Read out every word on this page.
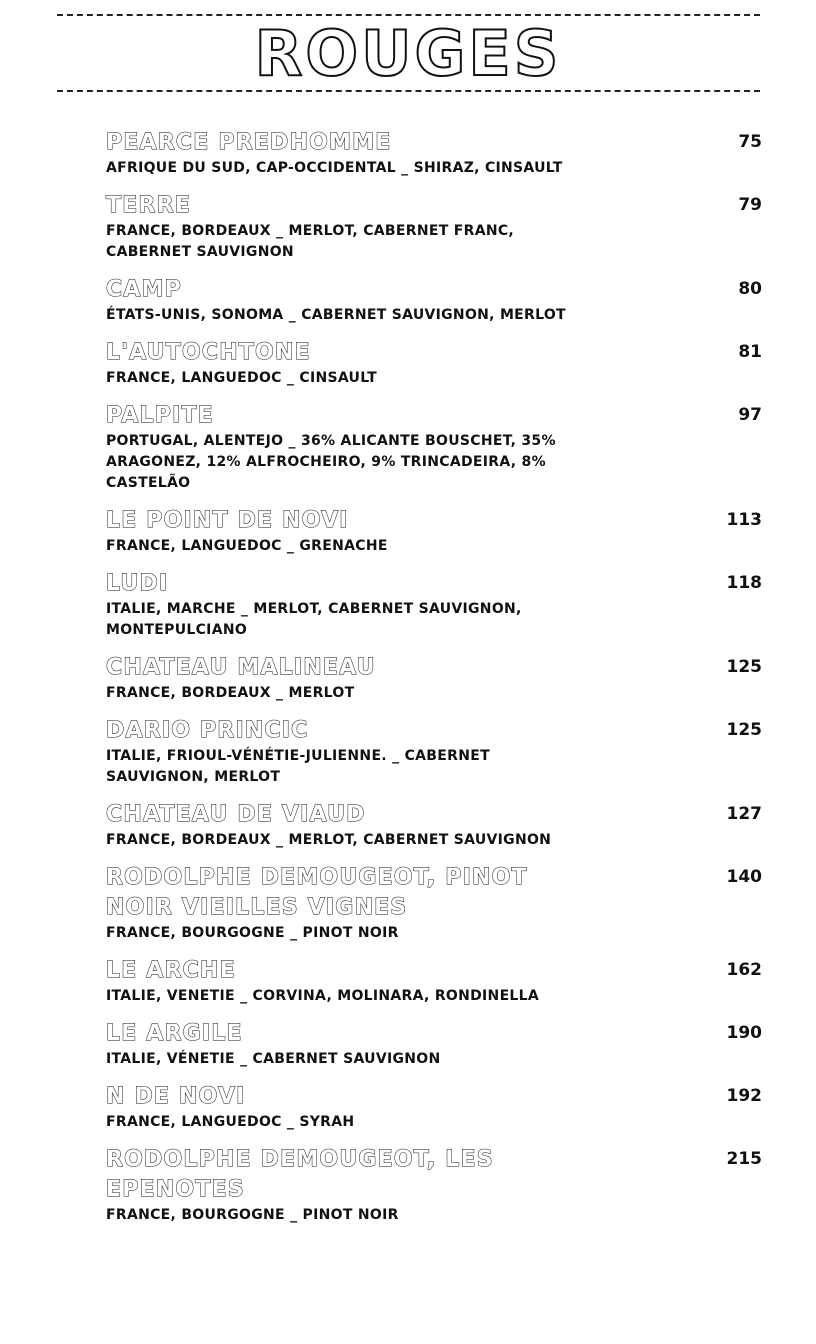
ROUGES
PEARCE PREDHOMME
AFRIQUE DU SUD, CAP-OCCIDENTAL _ SHIRAZ, CINSAULT
75
TERRE
FRANCE, BORDEAUX _ MERLOT, CABERNET FRANC, CABERNET SAUVIGNON
79
CAMP
ÉTATS-UNIS, SONOMA _ CABERNET SAUVIGNON, MERLOT
80
L'AUTOCHTONE
FRANCE, LANGUEDOC _ CINSAULT
81
PALPITE
PORTUGAL, ALENTEJO _ 36% ALICANTE BOUSCHET, 35% ARAGONEZ, 12% ALFROCHEIRO, 9% TRINCADEIRA, 8% CASTELÃO
97
LE POINT DE NOVI
FRANCE, LANGUEDOC _ GRENACHE
113
LUDI
ITALIE, MARCHE _ MERLOT, CABERNET SAUVIGNON, MONTEPULCIANO
118
CHATEAU MALINEAU
FRANCE, BORDEAUX _ MERLOT
125
DARIO PRINCIC
ITALIE, FRIOUL-VÉNÉTIE-JULIENNE. _ CABERNET SAUVIGNON, MERLOT
125
CHATEAU DE VIAUD
FRANCE, BORDEAUX _ MERLOT, CABERNET SAUVIGNON
127
RODOLPHE DEMOUGEOT, PINOT NOIR VIEILLES VIGNES
FRANCE, BOURGOGNE _ PINOT NOIR
140
LE ARCHE
ITALIE, VENETIE _ CORVINA, MOLINARA, RONDINELLA
162
LE ARGILE
ITALIE, VÉNETIE _ CABERNET SAUVIGNON
190
N DE NOVI
FRANCE, LANGUEDOC _ SYRAH
192
RODOLPHE DEMOUGEOT, LES EPENOTES
FRANCE, BOURGOGNE _ PINOT NOIR
215
